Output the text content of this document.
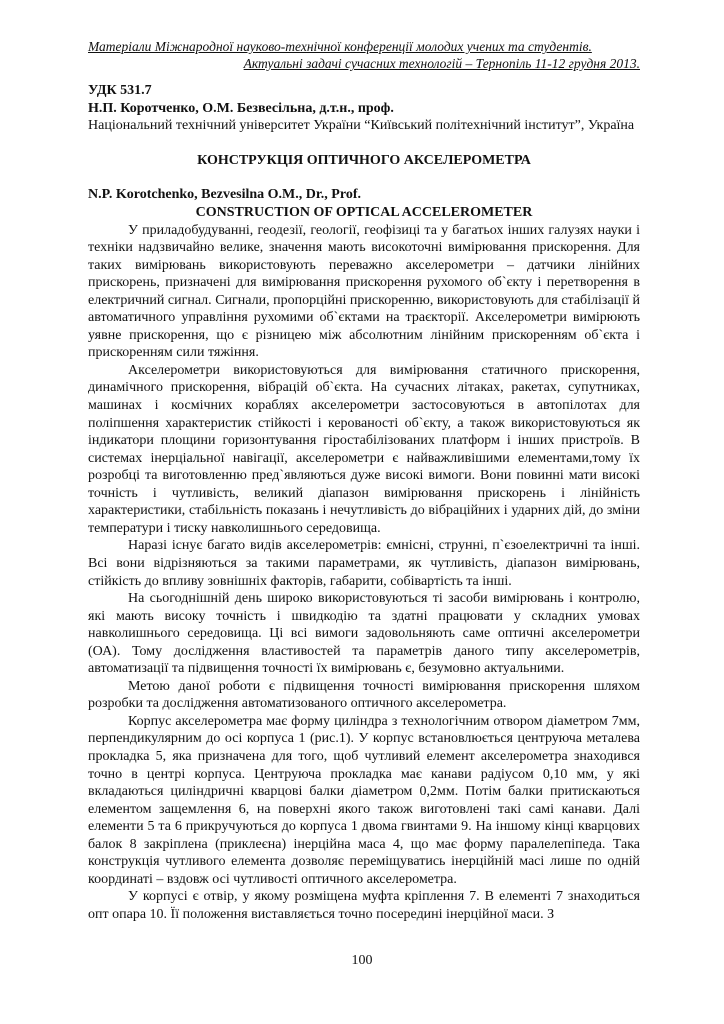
Матеріали Міжнародної науково-технічної конференції молодих учених та студентів.
Актуальні задачі сучасних технологій – Тернопіль 11-12 грудня 2013.
УДК 531.7
Н.П. Коротченко, О.М. Безвесільна, д.т.н., проф.
Національний технічний університет України “Київський політехнічний інститут”, Україна
КОНСТРУКЦІЯ ОПТИЧНОГО АКСЕЛЕРОМЕТРА
N.P. Korotchenko, Bezvesilna O.M., Dr., Prof.
CONSTRUCTION OF OPTICAL ACCELEROMETER

У приладобудуванні, геодезії, геології, геофізиці та у багатьох інших галузях науки і техніки надзвичайно велике, значення мають високоточні вимірювання прискорення. Для таких вимірювань використовують переважно акселерометри – датчики лінійних прискорень, призначені для вимірювання прискорення рухомого об`єкту і перетворення в електричний сигнал. Сигнали, пропорційні прискоренню, використовують для стабілізації й автоматичного управління рухомими об`єктами на траєкторії. Акселерометри вимірюють уявне прискорення, що є різницею між абсолютним лінійним прискоренням об`єкта і прискоренням сили тяжіння.

Акселерометри використовуються для вимірювання статичного прискорення, динамічного прискорення, вібрацій об`єкта. На сучасних літаках, ракетах, супутниках, машинах і космічних кораблях акселерометри застосовуються в автопілотах для поліпшення характеристик стійкості і керованості об`єкту, а також використовуються як індикатори площини горизонтування гіростабілізованих платформ і інших пристроїв. В системах інерціальної навігації, акселерометри є найважливішими елементами,тому їх розробці та виготовленню пред`являються дуже високі вимоги. Вони повинні мати високі точність і чутливість, великий діапазон вимірювання прискорень і лінійність характеристики, стабільність показань і нечутливість до вібраційних і ударних дій, до зміни температури і тиску навколишнього середовища.

Наразі існує багато видів акселерометрів: ємнісні, струнні, п`єзоелектричні та інші. Всі вони відрізняються за такими параметрами, як чутливість, діапазон вимірювань, стійкість до впливу зовнішніх факторів, габарити, собівартість та інші.

На сьогоднішній день широко використовуються ті засоби вимірювань і контролю, які мають високу точність і швидкодію та здатні працювати у складних умовах навколишнього середовища. Ці всі вимоги задовольняють саме оптичні акселерометри (ОА). Тому дослідження властивостей та параметрів даного типу акселерометрів, автоматизації та підвищення точності їх вимірювань є, безумовно актуальними.

Метою даної роботи є підвищення точності вимірювання прискорення шляхом розробки та дослідження автоматизованого оптичного акселерометра.

Корпус акселерометра має форму циліндра з технологічним отвором діаметром 7мм, перпендикулярним до осі корпуса 1 (рис.1). У корпус встановлюється центруюча металева прокладка 5, яка призначена для того, щоб чутливий елемент акселерометра знаходився точно в центрі корпуса. Центруюча прокладка має канави радіусом 0,10 мм, у які вкладаються циліндричні кварцові балки діаметром 0,2мм. Потім балки притискаються елементом защемлення 6, на поверхні якого також виготовлені такі самі канави. Далі елементи 5 та 6 прикручуються до корпуса 1 двома гвинтами 9. На іншому кінці кварцових балок 8 закріплена (приклеєна) інерційна маса 4, що має форму паралелепіпеда. Така конструкція чутливого елемента дозволяє переміщуватись інерційній масі лише по одній координаті – вздовж осі чутливості оптичного акселерометра.

У корпусі є отвір, у якому розміщена муфта кріплення 7. В елементі 7 знаходиться опт опара 10. Її положення виставляється точно посередині інерційної маси. З

100
